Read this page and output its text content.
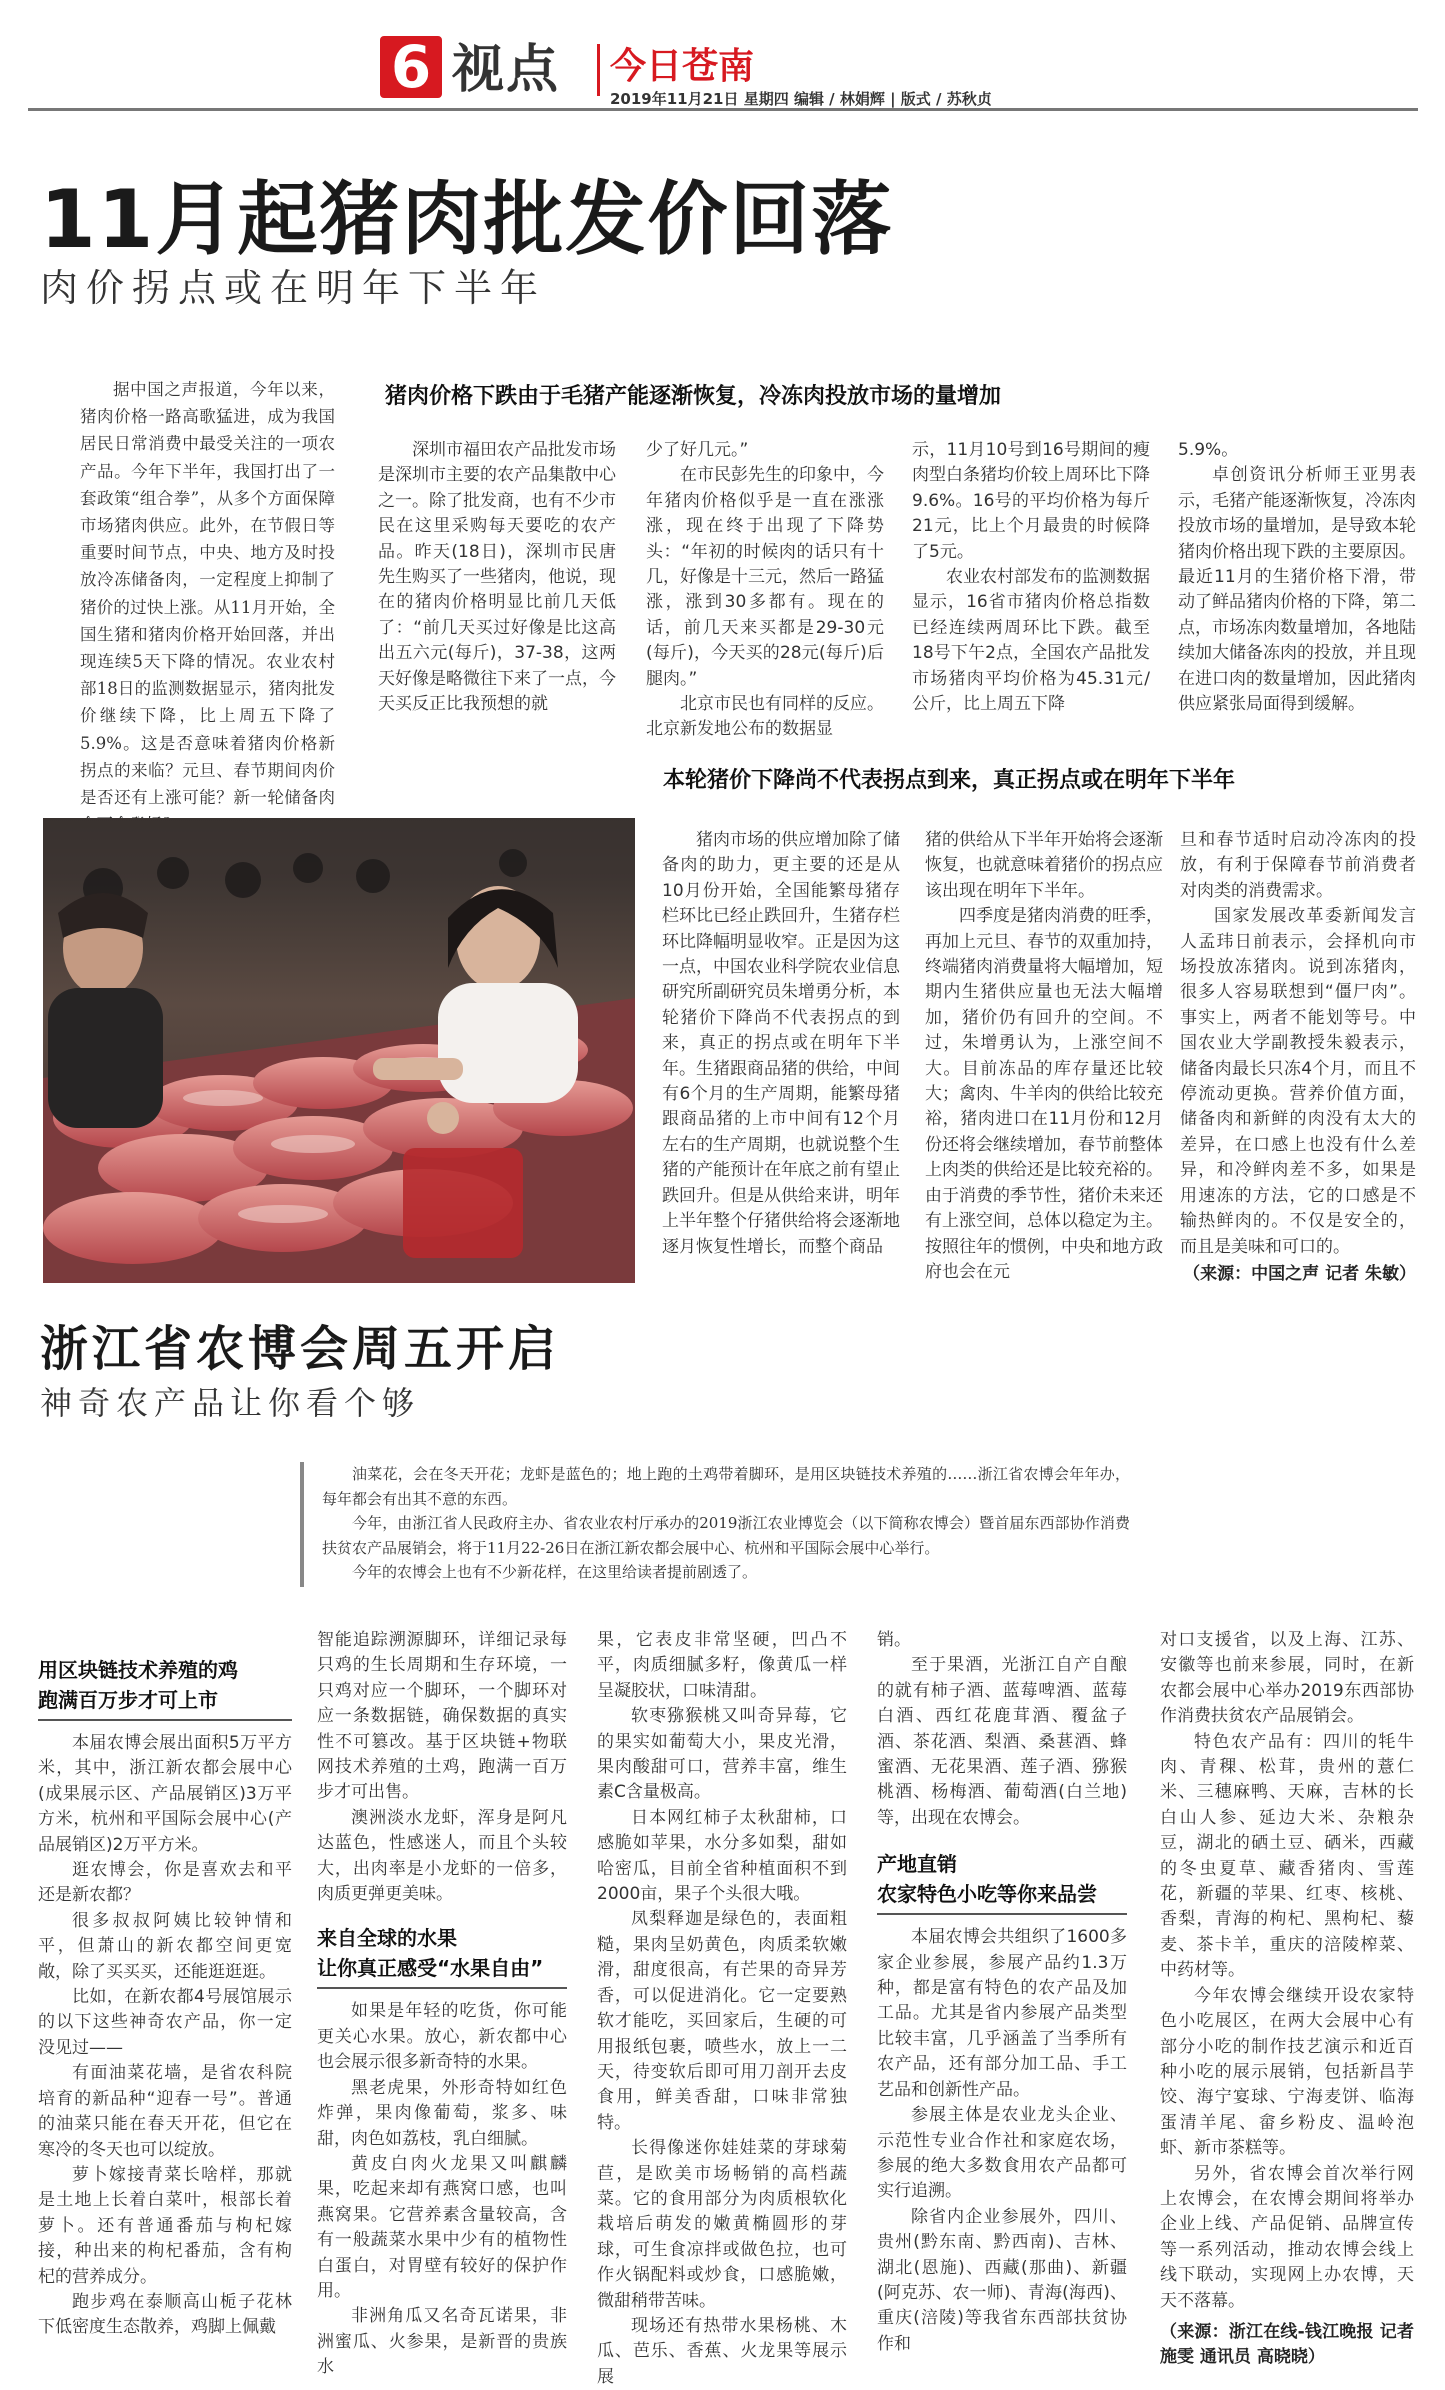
6 视点 今日苍南
2019年11月21日 星期四 编辑 / 林娟辉 | 版式 / 苏秋贞
11月起猪肉批发价回落
肉价拐点或在明年下半年

据中国之声报道，今年以来，猪肉价格一路高歌猛进，成为我国居民日常消费中最受关注的一项农产品。今年下半年，我国打出了一套政策“组合拳”，从多个方面保障市场猪肉供应。此外，在节假日等重要时间节点，中央、地方及时投放冷冻储备肉，一定程度上抑制了猪价的过快上涨。从11月开始，全国生猪和猪肉价格开始回落，并出现连续5天下降的情况。农业农村部18日的监测数据显示，猪肉批发价继续下降，比上周五下降了5.9%。这是否意味着猪肉价格新拐点的来临？元旦、春节期间肉价是否还有上涨可能？新一轮储备肉

猪肉价格下跌由于毛猪产能逐渐恢复，冷冻肉投放市场的量增加

深圳市福田农产品批发市场是深圳市主要的农产品集散中心之一。除了批发商，也有不少市民在这里采购每天要吃的农产品。昨天(18日)，深圳市民唐先生购买了一些猪肉，他说，现在的猪肉价格明显比前几天低了：“前几天买过好像是比这高出五六元(每斤)，37-38，这两天好像是略微往下来了一点，今天买反正比我预想的就

少了好几元。”

在市民彭先生的印象中，今年猪肉价格似乎是一直在涨涨涨，现在终于出现了下降势头：“年初的时候肉的话只有十几，好像是十三元，然后一路猛涨，涨到30多都有。现在的话，前几天来买都是29-30元(每斤)，今天买的28元(每斤)后腿肉。”

北京市民也有同样的反应。北京新发地公布的数据显

示，11月10号到16号期间的瘦肉型白条猪均价较上周环比下降9.6%。16号的平均价格为每斤21元，比上个月最贵的时候降了5元。

农业农村部发布的监测数据显示，16省市猪肉价格总指数已经连续两周环比下跌。截至18号下午2点，全国农产品批发市场猪肉平均价格为45.31元/公斤，比上周五下降

5.9%。

卓创资讯分析师王亚男表示，毛猪产能逐渐恢复，冷冻肉投放市场的量增加，是导致本轮猪肉价格出现下跌的主要原因。最近11月的生猪价格下滑，带动了鲜品猪肉价格的下降，第二点，市场冻肉数量增加，各地陆续加大储备冻肉的投放，并且现在进口肉的数量增加，因此猪肉供应紧张局面得到缓解。

本轮猪价下降尚不代表拐点到来，真正拐点或在明年下半年

猪肉市场的供应增加除了储备肉的助力，更主要的还是从10月份开始，全国能繁母猪存栏环比已经止跌回升，生猪存栏环比降幅明显收窄。正是因为这一点，中国农业科学院农业信息研究所副研究员朱增勇分析，本轮猪价下降尚不代表拐点的到来，真正的拐点或在明年下半年。生猪跟商品猪的供给，中间有6个月的生产周期，能繁母猪跟商品猪的上市中间有12个月左右的生产周期，也就说整个生猪的产能预计在年底之前有望止跌回升。但是从供给来讲，明年上半年整个仔猪供给将会逐渐地逐月恢复性增长，而整个商品

猪的供给从下半年开始将会逐渐恢复，也就意味着猪价的拐点应该出现在明年下半年。

四季度是猪肉消费的旺季，再加上元旦、春节的双重加持，终端猪肉消费量将大幅增加，短期内生猪供应量也无法大幅增加，猪价仍有回升的空间。不过，朱增勇认为，上涨空间不大。目前冻品的库存量还比较大；禽肉、牛羊肉的供给比较充裕，猪肉进口在11月份和12月份还将会继续增加，春节前整体上肉类的供给还是比较充裕的。由于消费的季节性，猪价未来还有上涨空间，总体以稳定为主。按照往年的惯例，中央和地方政府也会在元

旦和春节适时启动冷冻肉的投放，有利于保障春节前消费者对肉类的消费需求。

国家发展改革委新闻发言人孟玮日前表示，会择机向市场投放冻猪肉。说到冻猪肉，很多人容易联想到“僵尸肉”。事实上，两者不能划等号。中国农业大学副教授朱毅表示，储备肉最长只冻4个月，而且不停流动更换。营养价值方面，储备肉和新鲜的肉没有太大的差异，在口感上也没有什么差异，和冷鲜肉差不多，如果是用速冻的方法，它的口感是不输热鲜肉的。不仅是安全的，而且是美味和可口的。

（来源：中国之声 记者 朱敏）

浙江省农博会周五开启
神奇农产品让你看个够

油菜花，会在冬天开花；龙虾是蓝色的；地上跑的土鸡带着脚环，是用区块链技术养殖的……浙江省农博会年年办，每年都会有出其不意的东西。

今年，由浙江省人民政府主办、省农业农村厅承办的2019浙江农业博览会（以下简称农博会）暨首届东西部协作消费扶贫农产品展销会，将于11月22-26日在浙江新农都会展中心、杭州和平国际会展中心举行。

今年的农博会上也有不少新花样，在这里给读者提前剧透了。

用区块链技术养殖的鸡
跑满百万步才可上市

本届农博会展出面积5万平方米，其中，浙江新农都会展中心(成果展示区、产品展销区)3万平方米，杭州和平国际会展中心(产品展销区)2万平方米。

逛农博会，你是喜欢去和平还是新农都？

很多叔叔阿姨比较钟情和平，但萧山的新农都空间更宽敞，除了买买买，还能逛逛逛。

比如，在新农都4号展馆展示的以下这些神奇农产品，你一定没见过——

有面油菜花墙，是省农科院培育的新品种“迎春一号”。普通的油菜只能在春天开花，但它在寒冷的冬天也可以绽放。

萝卜嫁接青菜长啥样，那就是土地上长着白菜叶，根部长着萝卜。还有普通番茄与枸杞嫁接，种出来的枸杞番茄，含有枸杞的营养成分。

跑步鸡在泰顺高山栀子花林下低密度生态散养，鸡脚上佩戴

智能追踪溯源脚环，详细记录每只鸡的生长周期和生存环境，一只鸡对应一个脚环，一个脚环对应一条数据链，确保数据的真实性不可篡改。基于区块链+物联网技术养殖的土鸡，跑满一百万步才可出售。

澳洲淡水龙虾，浑身是阿凡达蓝色，性感迷人，而且个头较大，出肉率是小龙虾的一倍多，肉质更弹更美味。

来自全球的水果
让你真正感受“水果自由”

如果是年轻的吃货，你可能更关心水果。放心，新农都中心也会展示很多新奇特的水果。

黑老虎果，外形奇特如红色炸弹，果肉像葡萄，浆多、味甜，肉色如荔枝，乳白细腻。

黄皮白肉火龙果又叫麒麟果，吃起来却有燕窝口感，也叫燕窝果。它营养素含量较高，含有一般蔬菜水果中少有的植物性白蛋白，对胃壁有较好的保护作用。

非洲角瓜又名奇瓦诺果，非洲蜜瓜、火参果，是新晋的贵族水

果，它表皮非常坚硬，凹凸不平，肉质细腻多籽，像黄瓜一样呈凝胶状，口味清甜。

软枣猕猴桃又叫奇异莓，它的果实如葡萄大小，果皮光滑，果肉酸甜可口，营养丰富，维生素C含量极高。

日本网红柿子太秋甜柿，口感脆如苹果，水分多如梨，甜如哈密瓜，目前全省种植面积不到2000亩，果子个头很大哦。

凤梨释迦是绿色的，表面粗糙，果肉呈奶黄色，肉质柔软嫩滑，甜度很高，有芒果的奇异芳香，可以促进消化。它一定要熟软才能吃，买回家后，生硬的可用报纸包裹，喷些水，放上一二天，待变软后即可用刀剖开去皮食用，鲜美香甜，口味非常独特。

长得像迷你娃娃菜的芽球菊苣，是欧美市场畅销的高档蔬菜。它的食用部分为肉质根软化栽培后萌发的嫩黄椭圆形的芽球，可生食凉拌或做色拉，也可作火锅配料或炒食，口感脆嫩，微甜稍带苦味。

现场还有热带水果杨桃、木瓜、芭乐、香蕉、火龙果等展示展

销。

至于果酒，光浙江自产自酿的就有柿子酒、蓝莓啤酒、蓝莓白酒、西红花鹿茸酒、覆盆子酒、茶花酒、梨酒、桑葚酒、蜂蜜酒、无花果酒、莲子酒、猕猴桃酒、杨梅酒、葡萄酒(白兰地)等，出现在农博会。

产地直销
农家特色小吃等你来品尝

本届农博会共组织了1600多家企业参展，参展产品约1.3万种，都是富有特色的农产品及加工品。尤其是省内参展产品类型比较丰富，几乎涵盖了当季所有农产品，还有部分加工品、手工艺品和创新性产品。

参展主体是农业龙头企业、示范性专业合作社和家庭农场，参展的绝大多数食用农产品都可实行追溯。

除省内企业参展外，四川、贵州(黔东南、黔西南)、吉林、湖北(恩施)、西藏(那曲)、新疆(阿克苏、农一师)、青海(海西)、重庆(涪陵)等我省东西部扶贫协作和

对口支援省，以及上海、江苏、安徽等也前来参展，同时，在新农都会展中心举办2019东西部协作消费扶贫农产品展销会。

特色农产品有：四川的牦牛肉、青稞、松茸，贵州的薏仁米、三穗麻鸭、天麻，吉林的长白山人参、延边大米、杂粮杂豆，湖北的硒土豆、硒米，西藏的冬虫夏草、藏香猪肉、雪莲花，新疆的苹果、红枣、核桃、香梨，青海的枸杞、黑枸杞、藜麦、茶卡羊，重庆的涪陵榨菜、中药材等。

今年农博会继续开设农家特色小吃展区，在两大会展中心有部分小吃的制作技艺演示和近百种小吃的展示展销，包括新昌芋饺、海宁宴球、宁海麦饼、临海蛋清羊尾、畲乡粉皮、温岭泡虾、新市茶糕等。

另外，省农博会首次举行网上农博会，在农博会期间将举办企业上线、产品促销、品牌宣传等一系列活动，推动农博会线上线下联动，实现网上办农博，天天不落幕。

（来源：浙江在线-钱江晚报 记者 施雯 通讯员 高晓晓）
